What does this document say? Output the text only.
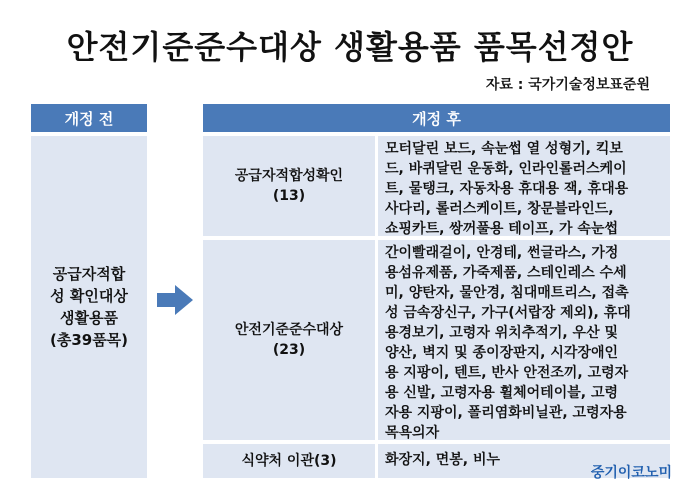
안전기준준수대상 생활용품 품목선정안
자료 : 국가기술정보표준원
개정 전	개정 후
공급자적합
성 확인대상
생활용품
(총39품목)
공급자적합성확인
(13)
모터달린 보드, 속눈썹 열 성형기, 킥보
드, 바퀴달린 운동화, 인라인롤러스케이
트, 물탱크, 자동차용 휴대용 잭, 휴대용
사다리, 롤러스케이트, 창문블라인드,
쇼핑카트, 쌍꺼풀용 테이프, 가 속눈썹
안전기준준수대상
(23)
간이빨래걸이, 안경테, 썬글라스, 가정
용섬유제품, 가죽제품, 스테인레스 수세
미, 양탄자, 물안경, 침대매트리스, 접촉
성 금속장신구, 가구(서랍장 제외), 휴대
용경보기, 고령자 위치추적기, 우산 및
양산, 벽지 및 종이장판지, 시각장애인
용 지팡이, 텐트, 반사 안전조끼, 고령자
용 신발, 고령자용 휠체어테이블, 고령
자용 지팡이, 폴리염화비닐관, 고령자용
목욕의자
식약처 이관(3)	화장지, 면봉, 비누
중기이코노미
